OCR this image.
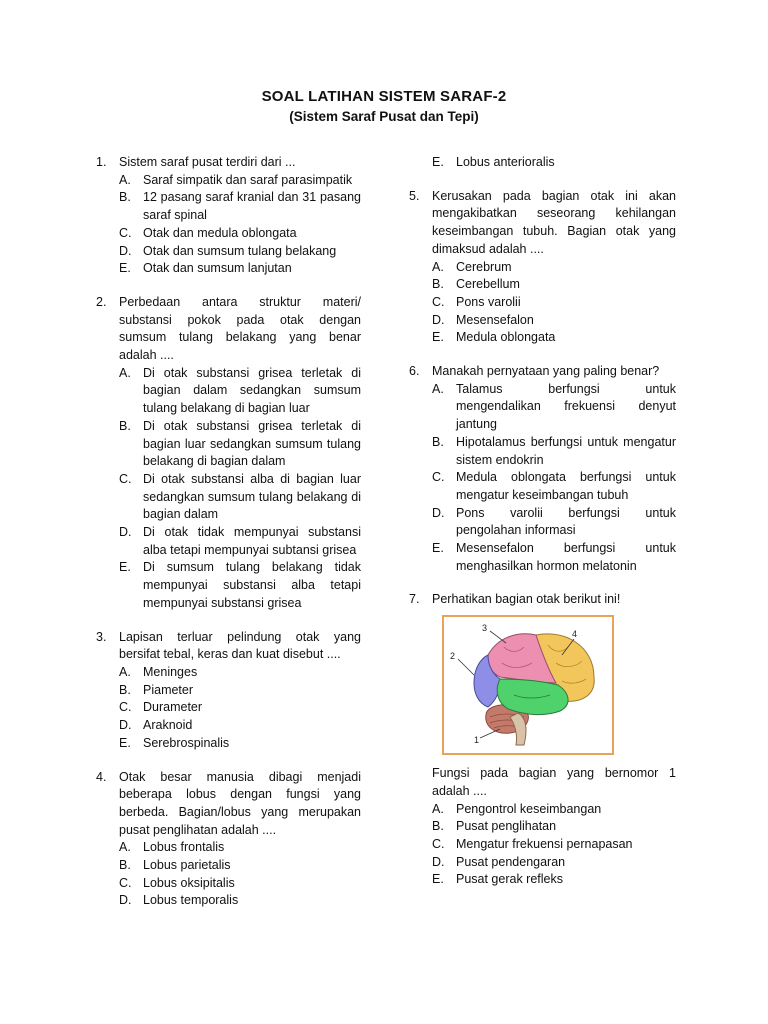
SOAL LATIHAN SISTEM SARAF-2
(Sistem Saraf Pusat dan Tepi)
1.	Sistem saraf pusat terdiri dari ...
A. Saraf simpatik dan saraf parasimpatik
B. 12 pasang saraf kranial dan 31 pasang saraf spinal
C. Otak dan medula oblongata
D. Otak dan sumsum tulang belakang
E. Otak dan sumsum lanjutan
2.	Perbedaan antara struktur materi/ substansi pokok pada otak dengan sumsum tulang belakang yang benar adalah ....
A. Di otak substansi grisea terletak di bagian dalam sedangkan sumsum tulang belakang di bagian luar
B. Di otak substansi grisea terletak di bagian luar sedangkan sumsum tulang belakang di bagian dalam
C. Di otak substansi alba di bagian luar sedangkan sumsum tulang belakang di bagian dalam
D. Di otak tidak mempunyai substansi alba tetapi mempunyai subtansi grisea
E. Di sumsum tulang belakang tidak mempunyai substansi alba tetapi mempunyai substansi grisea
3.	Lapisan terluar pelindung otak yang bersifat tebal, keras dan kuat disebut ....
A. Meninges
B. Piameter
C. Durameter
D. Araknoid
E. Serebrospinalis
4.	Otak besar manusia dibagi menjadi beberapa lobus dengan fungsi yang berbeda. Bagian/lobus yang merupakan pusat penglihatan adalah ....
A. Lobus frontalis
B. Lobus parietalis
C. Lobus oksipitalis
D. Lobus temporalis
E. Lobus anterioralis
5.	Kerusakan pada bagian otak ini akan mengakibatkan seseorang kehilangan keseimbangan tubuh. Bagian otak yang dimaksud adalah ....
A. Cerebrum
B. Cerebellum
C. Pons varolii
D. Mesensefalon
E. Medula oblongata
6.	Manakah pernyataan yang paling benar?
A. Talamus berfungsi untuk mengendalikan frekuensi denyut jantung
B. Hipotalamus berfungsi untuk mengatur sistem endokrin
C. Medula oblongata berfungsi untuk mengatur keseimbangan tubuh
D. Pons varolii berfungsi untuk pengolahan informasi
E. Mesensefalon berfungsi untuk menghasilkan hormon melatonin
7.	Perhatikan bagian otak berikut ini!
1
2
3
4
Fungsi pada bagian yang bernomor 1 adalah ....
A. Pengontrol keseimbangan
B. Pusat penglihatan
C. Mengatur frekuensi pernapasan
D. Pusat pendengaran
E. Pusat gerak refleks
